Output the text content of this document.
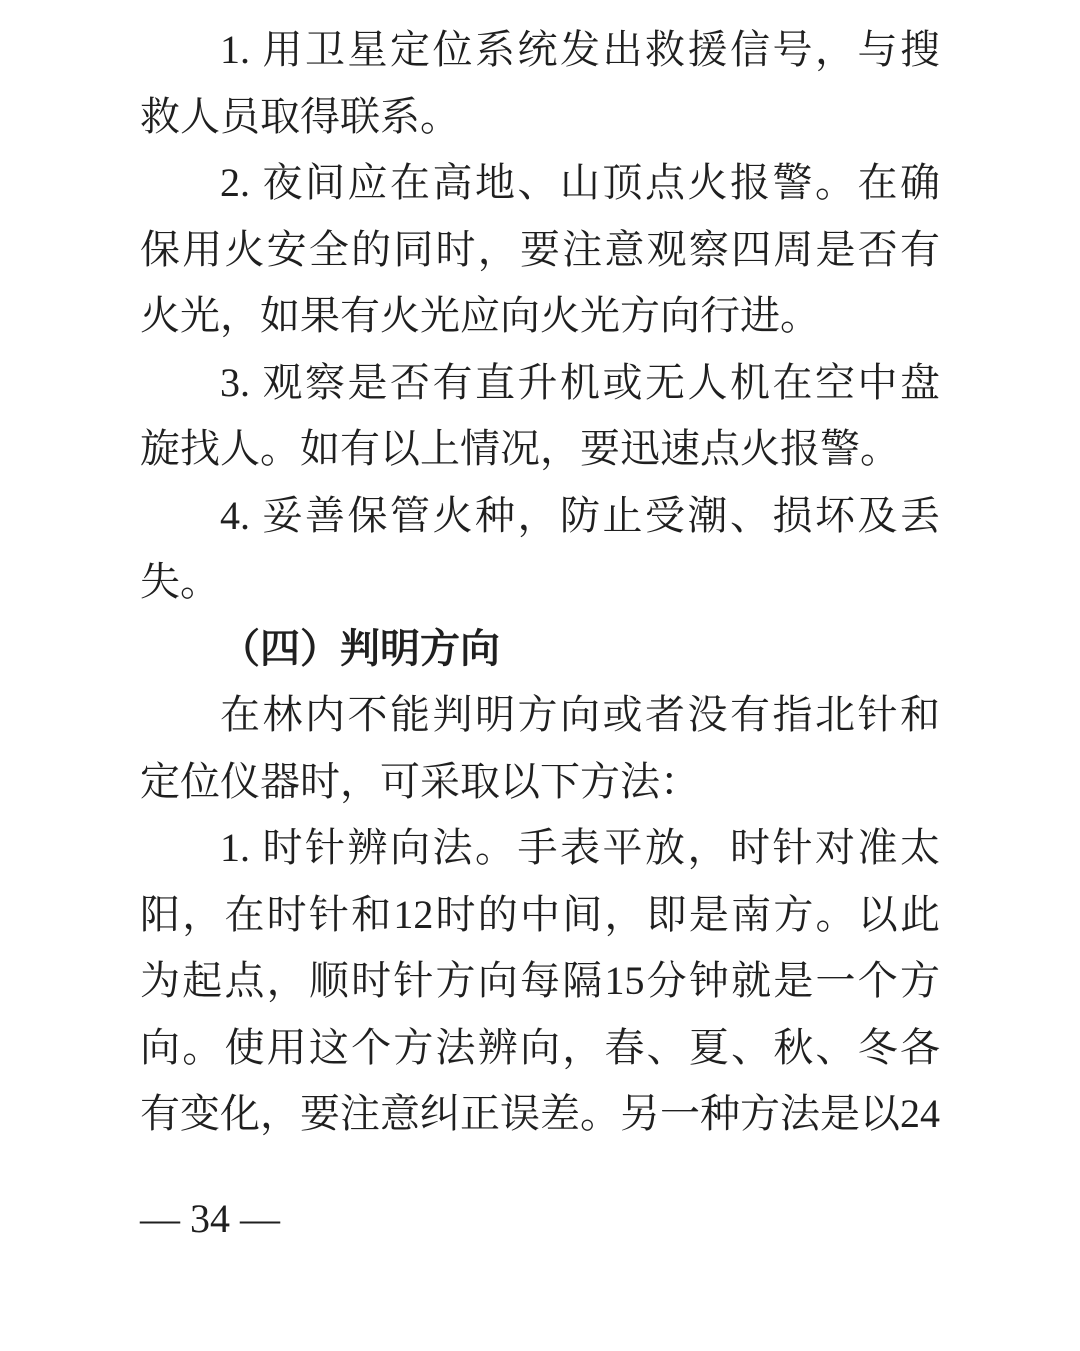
1. 用卫星定位系统发出救援信号，与搜
救人员取得联系。
2. 夜间应在高地、山顶点火报警。在确
保用火安全的同时，要注意观察四周是否有
火光，如果有火光应向火光方向行进。
3. 观察是否有直升机或无人机在空中盘
旋找人。如有以上情况，要迅速点火报警。
4. 妥善保管火种，防止受潮、损坏及丢
失。
（四）判明方向
在林内不能判明方向或者没有指北针和
定位仪器时，可采取以下方法：
1. 时针辨向法。手表平放，时针对准太
阳，在时针和12时的中间，即是南方。以此
为起点，顺时针方向每隔15分钟就是一个方
向。使用这个方法辨向，春、夏、秋、冬各
有变化，要注意纠正误差。另一种方法是以24
— 34 —
